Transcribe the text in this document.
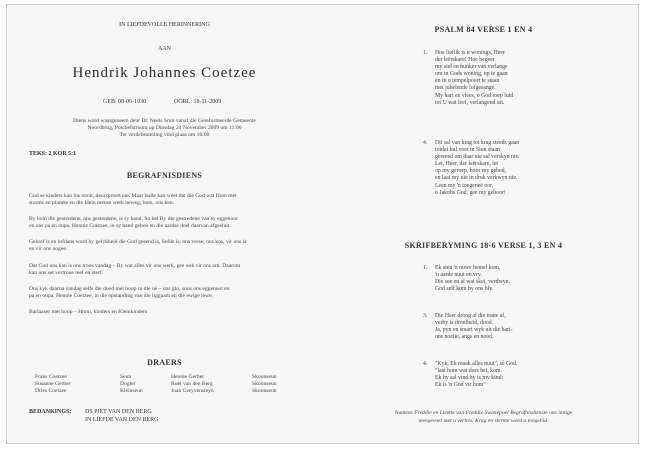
IN LIEFDEVOLLE HERINNERING
AAN
Hendrik Johannes Coetzee
GEB: 08-06-1930	OORL: 18-11-2009
Diens word waargeneem deur Dr. Neels Smit vanaf die Gereformeerde Gemeente
Noordbrug, Potchefstroom op Dinsdag 24 November 2009 om 11:00
Ter verdebestelling vind plaas om 10:00
TEKS: 2 KOR 5:1
BEGRAFNISDIENS
God se kinders kan los nooit, deursproed nie. Maar bulle kan weet dat die God wat Hom met
storms en planete en die klein mense werk beweg, hom, ons ken.
By hom die gestredene, ons gestredene, is sy hand. So het By die gestredene van sy eggenoot
en ons pa en oupa, Hennie Coetzee, in sy hand gehou en die aardse deel daarvan afgesluit.
Geloof is en lofdans word by gelykheid die God gesend is, liefde is, ons vrese, ons kos, vir ons is
en vir ons oogee.
Dat God ons kan is ons troos vandag – By wat alles vir ons werk, gee ook vir ons om. Daarom
kan ons set vertroue leef en sterf.
Ons kyk daarna vandag selfs die dood met hoop in die oë – ons glo, soos ons eggenoot en
pa en oupa, Hennie Coetzee, in die opstanding van die liggaam en die ewige lewe.
Barlaaser met hoop – Hmm, kinders en Kleinkinders
DRAERS
Frans Coetzee	Seun	Hennie Gerber	Skoonseun
Susanne Gerber	Dogter	Roel van den Berg	Skoonseun
Dries Coetzee	Kleinseun	Juan Greyvensteyn	Skoonseun
BEDANKINGS: DS PIET VAN DEN BERG
IN LIEFDE VAN DEN BERG
PSALM 84 VERSE 1 EN 4
1. Hoe lieflik is u wonings, Heer
der leërskare! Hoe begeer
my siel en hunker van verlange
om in Gods woning, op te gaan
en in u tempelpoort te staan
met jubelende lofgesange.
My hart en vlees, o God roep luid
tot U wat leef, verlangend uit.
4. Dit sal van krag tot krag steeds gaan
totdat hul voet in Sion staan
gereeed om daar nie sal verskyn nie.
Let, Heer, der leërskare, let
op my geroep, hoor my gebed,
en laat my nie in druk verkwyn nie.
Leen my 'n toegeneë oor,
o Jakobs God, gee my gehoor!
SKRIFBERYMING 18-6 VERSE 1, 3 EN 4
1. Ek sien 'n nuwe hemel kom,
'n aarde nuut en vry.
Die see en al wat skei, verdwyn.
God self kom by ons bly.
3. Die Heer droog al die trane af,
verby is droefheid, dood.
Ja, pyn en smart wyk uit die hart-
ons noetie, angs en nood.
4. "Kyk, Ek maak alles nuut", sê God.
"laat hom wat dors het, kom.
Ek hy sal vind hy is my kind:
Ek is 'n God vir hom"
Namens Freddie en Lizette van Freddie Swanepoel Begrafnisdienste ons innige
meegevoel met u verlies. Krag en sterkte word u toegebid.
